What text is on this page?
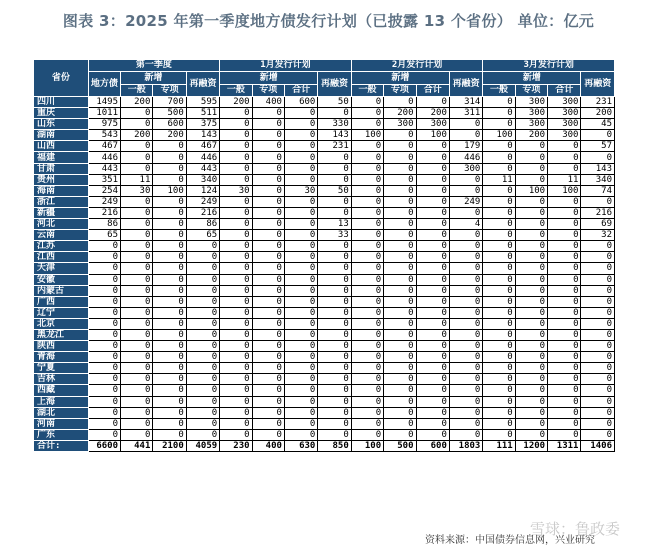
图表 3：2025 年第一季度地方债发行计划（已披露 13 个省份） 单位：亿元
省份	第一季度				1月发行计划				2月发行计划				3月发行计划			
	地方债	新增		再融资	新增			再融资	新增			再融资	新增			再融资
		一般	专项		一般	专项	合计		一般	专项	合计		一般	专项	合计	
四川	1495	200	700	595	200	400	600	50	0	0	0	314	0	300	300	231
重庆	1011	0	500	511	0	0	0	0	0	200	200	311	0	300	300	200
山东	975	0	600	375	0	0	0	330	0	300	300	0	0	300	300	45
湖南	543	200	200	143	0	0	0	143	100	0	100	0	100	200	300	0
山西	467	0	0	467	0	0	0	231	0	0	0	179	0	0	0	57
福建	446	0	0	446	0	0	0	0	0	0	0	446	0	0	0	0
甘肃	443	0	0	443	0	0	0	0	0	0	0	300	0	0	0	143
贵州	351	11	0	340	0	0	0	0	0	0	0	0	11	0	11	340
海南	254	30	100	124	30	0	30	50	0	0	0	0	0	100	100	74
浙江	249	0	0	249	0	0	0	0	0	0	0	249	0	0	0	0
新疆	216	0	0	216	0	0	0	0	0	0	0	0	0	0	0	216
河北	86	0	0	86	0	0	0	13	0	0	0	4	0	0	0	69
云南	65	0	0	65	0	0	0	33	0	0	0	0	0	0	0	32
江苏	0	0	0	0	0	0	0	0	0	0	0	0	0	0	0	0
江西	0	0	0	0	0	0	0	0	0	0	0	0	0	0	0	0
天津	0	0	0	0	0	0	0	0	0	0	0	0	0	0	0	0
安徽	0	0	0	0	0	0	0	0	0	0	0	0	0	0	0	0
内蒙古	0	0	0	0	0	0	0	0	0	0	0	0	0	0	0	0
广西	0	0	0	0	0	0	0	0	0	0	0	0	0	0	0	0
辽宁	0	0	0	0	0	0	0	0	0	0	0	0	0	0	0	0
北京	0	0	0	0	0	0	0	0	0	0	0	0	0	0	0	0
黑龙江	0	0	0	0	0	0	0	0	0	0	0	0	0	0	0	0
陕西	0	0	0	0	0	0	0	0	0	0	0	0	0	0	0	0
青海	0	0	0	0	0	0	0	0	0	0	0	0	0	0	0	0
宁夏	0	0	0	0	0	0	0	0	0	0	0	0	0	0	0	0
吉林	0	0	0	0	0	0	0	0	0	0	0	0	0	0	0	0
西藏	0	0	0	0	0	0	0	0	0	0	0	0	0	0	0	0
上海	0	0	0	0	0	0	0	0	0	0	0	0	0	0	0	0
湖北	0	0	0	0	0	0	0	0	0	0	0	0	0	0	0	0
河南	0	0	0	0	0	0	0	0	0	0	0	0	0	0	0	0
广东	0	0	0	0	0	0	0	0	0	0	0	0	0	0	0	0
合计:	6600	441	2100	4059	230	400	630	850	100	500	600	1803	111	1200	1311	1406
资料来源：中国债券信息网，兴业研究
雪球：鲁政委
